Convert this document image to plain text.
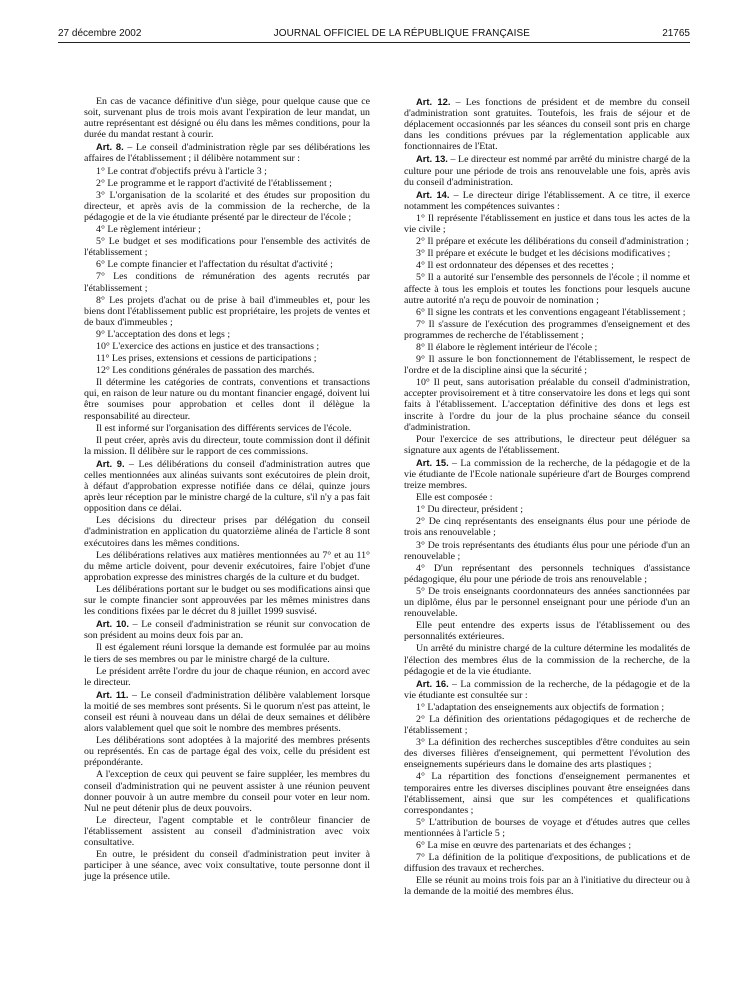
27 décembre 2002	JOURNAL OFFICIEL DE LA RÉPUBLIQUE FRANÇAISE	21765

En cas de vacance définitive d'un siège, pour quelque cause que ce soit, survenant plus de trois mois avant l'expiration de leur mandat, un autre représentant est désigné ou élu dans les mêmes conditions, pour la durée du mandat restant à courir.

Art. 8. – Le conseil d'administration règle par ses délibérations les affaires de l'établissement ; il délibère notamment sur :

1° Le contrat d'objectifs prévu à l'article 3 ;

2° Le programme et le rapport d'activité de l'établissement ;

3° L'organisation de la scolarité et des études sur proposition du directeur, et après avis de la commission de la recherche, de la pédagogie et de la vie étudiante présenté par le directeur de l'école ;

4° Le règlement intérieur ;

5° Le budget et ses modifications pour l'ensemble des activités de l'établissement ;

6° Le compte financier et l'affectation du résultat d'activité ;

7° Les conditions de rémunération des agents recrutés par l'établissement ;

8° Les projets d'achat ou de prise à bail d'immeubles et, pour les biens dont l'établissement public est propriétaire, les projets de ventes et de baux d'immeubles ;

9° L'acceptation des dons et legs ;

10° L'exercice des actions en justice et des transactions ;

11° Les prises, extensions et cessions de participations ;

12° Les conditions générales de passation des marchés.

Il détermine les catégories de contrats, conventions et transactions qui, en raison de leur nature ou du montant financier engagé, doivent lui être soumises pour approbation et celles dont il délègue la responsabilité au directeur.

Il est informé sur l'organisation des différents services de l'école.

Il peut créer, après avis du directeur, toute commission dont il définit la mission. Il délibère sur le rapport de ces commissions.

Art. 9. – Les délibérations du conseil d'administration autres que celles mentionnées aux alinéas suivants sont exécutoires de plein droit, à défaut d'approbation expresse notifiée dans ce délai, quinze jours après leur réception par le ministre chargé de la culture, s'il n'y a pas fait opposition dans ce délai.

Les décisions du directeur prises par délégation du conseil d'administration en application du quatorzième alinéa de l'article 8 sont exécutoires dans les mêmes conditions.

Les délibérations relatives aux matières mentionnées au 7° et au 11° du même article doivent, pour devenir exécutoires, faire l'objet d'une approbation expresse des ministres chargés de la culture et du budget.

Les délibérations portant sur le budget ou ses modifications ainsi que sur le compte financier sont approuvées par les mêmes ministres dans les conditions fixées par le décret du 8 juillet 1999 susvisé.

Art. 10. – Le conseil d'administration se réunit sur convocation de son président au moins deux fois par an.

Il est également réuni lorsque la demande est formulée par au moins le tiers de ses membres ou par le ministre chargé de la culture.

Le président arrête l'ordre du jour de chaque réunion, en accord avec le directeur.

Art. 11. – Le conseil d'administration délibère valablement lorsque la moitié de ses membres sont présents. Si le quorum n'est pas atteint, le conseil est réuni à nouveau dans un délai de deux semaines et délibère alors valablement quel que soit le nombre des membres présents.

Les délibérations sont adoptées à la majorité des membres présents ou représentés. En cas de partage égal des voix, celle du président est prépondérante.

A l'exception de ceux qui peuvent se faire suppléer, les membres du conseil d'administration qui ne peuvent assister à une réunion peuvent donner pouvoir à un autre membre du conseil pour voter en leur nom. Nul ne peut détenir plus de deux pouvoirs.

Le directeur, l'agent comptable et le contrôleur financier de l'établissement assistent au conseil d'administration avec voix consultative.

En outre, le président du conseil d'administration peut inviter à participer à une séance, avec voix consultative, toute personne dont il juge la présence utile.

Art. 12. – Les fonctions de président et de membre du conseil d'administration sont gratuites. Toutefois, les frais de séjour et de déplacement occasionnés par les séances du conseil sont pris en charge dans les conditions prévues par la réglementation applicable aux fonctionnaires de l'Etat.

Art. 13. – Le directeur est nommé par arrêté du ministre chargé de la culture pour une période de trois ans renouvelable une fois, après avis du conseil d'administration.

Art. 14. – Le directeur dirige l'établissement. A ce titre, il exerce notamment les compétences suivantes :

1° Il représente l'établissement en justice et dans tous les actes de la vie civile ;

2° Il prépare et exécute les délibérations du conseil d'administration ;

3° Il prépare et exécute le budget et les décisions modificatives ;

4° Il est ordonnateur des dépenses et des recettes ;

5° Il a autorité sur l'ensemble des personnels de l'école ; il nomme et affecte à tous les emplois et toutes les fonctions pour lesquels aucune autre autorité n'a reçu de pouvoir de nomination ;

6° Il signe les contrats et les conventions engageant l'établissement ;

7° Il s'assure de l'exécution des programmes d'enseignement et des programmes de recherche de l'établissement ;

8° Il élabore le règlement intérieur de l'école ;

9° Il assure le bon fonctionnement de l'établissement, le respect de l'ordre et de la discipline ainsi que la sécurité ;

10° Il peut, sans autorisation préalable du conseil d'administration, accepter provisoirement et à titre conservatoire les dons et legs qui sont faits à l'établissement. L'acceptation définitive des dons et legs est inscrite à l'ordre du jour de la plus prochaine séance du conseil d'administration.

Pour l'exercice de ses attributions, le directeur peut déléguer sa signature aux agents de l'établissement.

Art. 15. – La commission de la recherche, de la pédagogie et de la vie étudiante de l'Ecole nationale supérieure d'art de Bourges comprend treize membres.

Elle est composée :

1° Du directeur, président ;

2° De cinq représentants des enseignants élus pour une période de trois ans renouvelable ;

3° De trois représentants des étudiants élus pour une période d'un an renouvelable ;

4° D'un représentant des personnels techniques d'assistance pédagogique, élu pour une période de trois ans renouvelable ;

5° De trois enseignants coordonnateurs des années sanctionnées par un diplôme, élus par le personnel enseignant pour une période d'un an renouvelable.

Elle peut entendre des experts issus de l'établissement ou des personnalités extérieures.

Un arrêté du ministre chargé de la culture détermine les modalités de l'élection des membres élus de la commission de la recherche, de la pédagogie et de la vie étudiante.

Art. 16. – La commission de la recherche, de la pédagogie et de la vie étudiante est consultée sur :

1° L'adaptation des enseignements aux objectifs de formation ;

2° La définition des orientations pédagogiques et de recherche de l'établissement ;

3° La définition des recherches susceptibles d'être conduites au sein des diverses filières d'enseignement, qui permettent l'évolution des enseignements supérieurs dans le domaine des arts plastiques ;

4° La répartition des fonctions d'enseignement permanentes et temporaires entre les diverses disciplines pouvant être enseignées dans l'établissement, ainsi que sur les compétences et qualifications correspondantes ;

5° L'attribution de bourses de voyage et d'études autres que celles mentionnées à l'article 5 ;

6° La mise en œuvre des partenariats et des échanges ;

7° La définition de la politique d'expositions, de publications et de diffusion des travaux et recherches.

Elle se réunit au moins trois fois par an à l'initiative du directeur ou à la demande de la moitié des membres élus.
